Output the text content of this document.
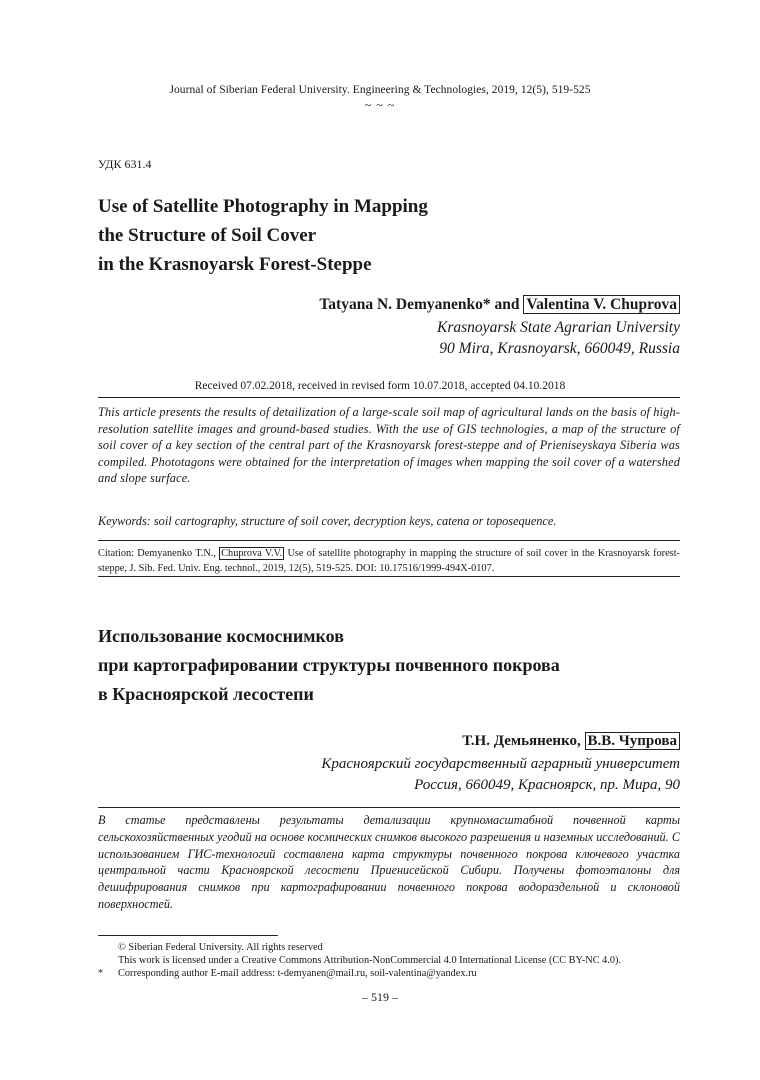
Journal of Siberian Federal University. Engineering & Technologies, 2019, 12(5), 519-525
~ ~ ~
УДК 631.4
Use of Satellite Photography in Mapping
the Structure of Soil Cover
in the Krasnoyarsk Forest-Steppe
Tatyana N. Demyanenko* and Valentina V. Chuprova
Krasnoyarsk State Agrarian University
90 Mira, Krasnoyarsk, 660049, Russia
Received 07.02.2018, received in revised form 10.07.2018, accepted 04.10.2018
This article presents the results of detailization of a large-scale soil map of agricultural lands on the basis of high-resolution satellite images and ground-based studies. With the use of GIS technologies, a map of the structure of soil cover of a key section of the central part of the Krasnoyarsk forest-steppe and of Prieniseyskaya Siberia was compiled. Phototagons were obtained for the interpretation of images when mapping the soil cover of a watershed and slope surface.
Keywords: soil cartography, structure of soil cover, decryption keys, catena or toposequence.
Citation: Demyanenko T.N., Chuprova V.V. Use of satellite photography in mapping the structure of soil cover in the Krasnoyarsk forest-steppe, J. Sib. Fed. Univ. Eng. technol., 2019, 12(5), 519-525. DOI: 10.17516/1999-494X-0107.
Использование космоснимков
при картографировании структуры почвенного покрова
в Красноярской лесостепи
Т.Н. Демьяненко, В.В. Чупрова
Красноярский государственный аграрный университет
Россия, 660049, Красноярск, пр. Мира, 90
В статье представлены результаты детализации крупномасштабной почвенной карты сельскохозяйственных угодий на основе космических снимков высокого разрешения и наземных исследований. С использованием ГИС-технологий составлена карта структуры почвенного покрова ключевого участка центральной части Красноярской лесостепи Приенисейской Сибири. Получены фотоэталоны для дешифрирования снимков при картографировании почвенного покрова водораздельной и склоновой поверхностей.
© Siberian Federal University. All rights reserved
This work is licensed under a Creative Commons Attribution-NonCommercial 4.0 International License (CC BY-NC 4.0).
* Corresponding author E-mail address: t-demyanen@mail.ru, soil-valentina@yandex.ru
– 519 –
